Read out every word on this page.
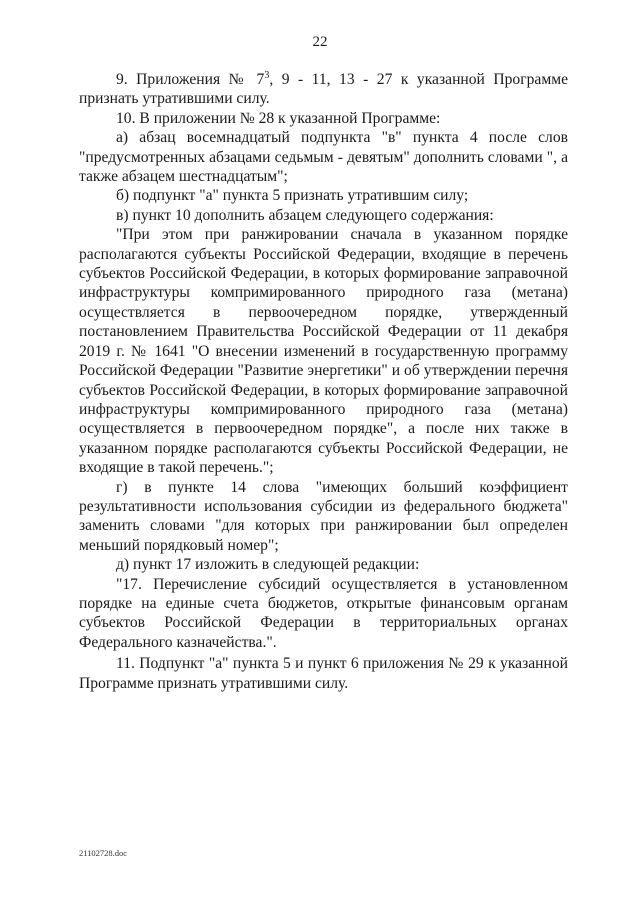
22

9. Приложения № $7^3$, 9 - 11, 13 - 27 к указанной Программе признать утратившими силу.

10. В приложении № 28 к указанной Программе:

а) абзац восемнадцатый подпункта "в" пункта 4 после слов "предусмотренных абзацами седьмым - девятым" дополнить словами ", а также абзацем шестнадцатым";

б) подпункт "а" пункта 5 признать утратившим силу;

в) пункт 10 дополнить абзацем следующего содержания:

"При этом при ранжировании сначала в указанном порядке располагаются субъекты Российской Федерации, входящие в перечень субъектов Российской Федерации, в которых формирование заправочной инфраструктуры компримированного природного газа (метана) осуществляется в первоочередном порядке, утвержденный постановлением Правительства Российской Федерации от 11 декабря 2019 г. № 1641 "О внесении изменений в государственную программу Российской Федерации "Развитие энергетики" и об утверждении перечня субъектов Российской Федерации, в которых формирование заправочной инфраструктуры компримированного природного газа (метана) осуществляется в первоочередном порядке", а после них также в указанном порядке располагаются субъекты Российской Федерации, не входящие в такой перечень.";

г) в пункте 14 слова "имеющих больший коэффициент результативности использования субсидии из федерального бюджета" заменить словами "для которых при ранжировании был определен меньший порядковый номер";

д) пункт 17 изложить в следующей редакции:

"17. Перечисление субсидий осуществляется в установленном порядке на единые счета бюджетов, открытые финансовым органам субъектов Российской Федерации в территориальных органах Федерального казначейства.".

11. Подпункт "а" пункта 5 и пункт 6 приложения № 29 к указанной Программе признать утратившими силу.

21102728.doc
